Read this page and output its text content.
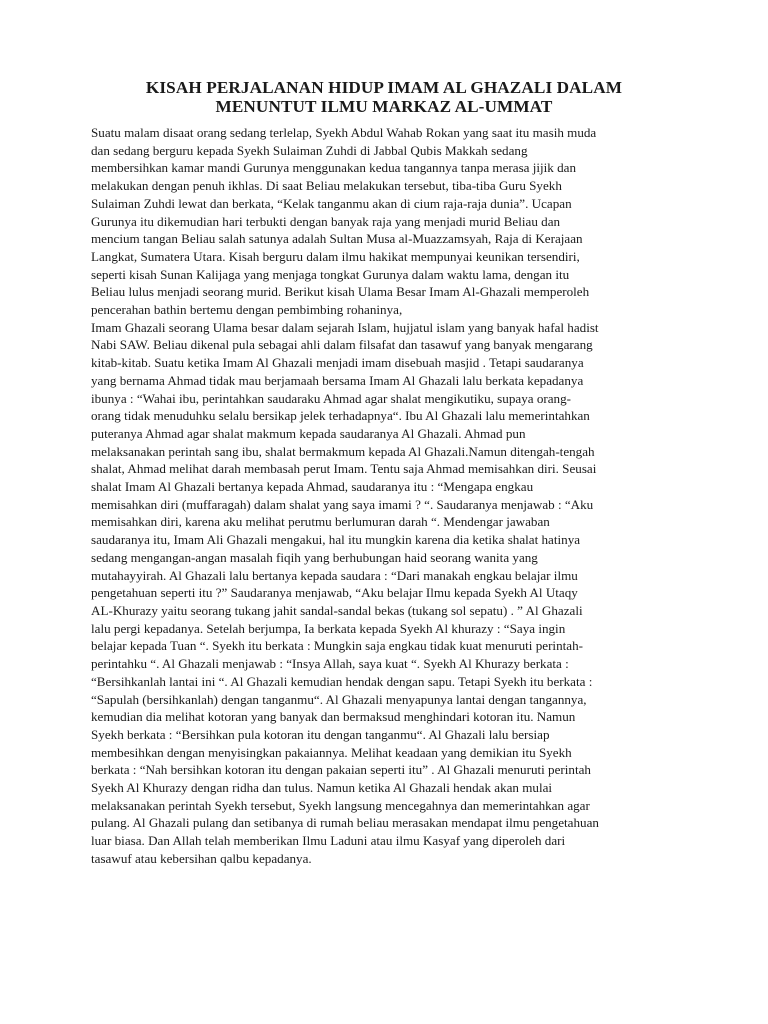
KISAH PERJALANAN HIDUP IMAM AL GHAZALI DALAM
MENUNTUT ILMU MARKAZ AL-UMMAT
Suatu malam disaat orang sedang terlelap, Syekh Abdul Wahab Rokan yang saat itu masih muda
dan sedang berguru kepada Syekh Sulaiman Zuhdi di Jabbal Qubis Makkah sedang
membersihkan kamar mandi Gurunya menggunakan kedua tangannya tanpa merasa jijik dan
melakukan dengan penuh ikhlas. Di saat Beliau melakukan tersebut, tiba-tiba Guru Syekh
Sulaiman Zuhdi lewat dan berkata, “Kelak tanganmu akan di cium raja-raja dunia”. Ucapan
Gurunya itu dikemudian hari terbukti dengan banyak raja yang menjadi murid Beliau dan
mencium tangan Beliau salah satunya adalah Sultan Musa al-Muazzamsyah, Raja di Kerajaan
Langkat, Sumatera Utara. Kisah berguru dalam ilmu hakikat mempunyai keunikan tersendiri,
seperti kisah Sunan Kalijaga yang menjaga tongkat Gurunya dalam waktu lama, dengan itu
Beliau lulus menjadi seorang murid. Berikut kisah Ulama Besar Imam Al-Ghazali memperoleh
pencerahan bathin bertemu dengan pembimbing rohaninya,
Imam Ghazali seorang Ulama besar dalam sejarah Islam, hujjatul islam yang banyak hafal hadist
Nabi SAW. Beliau dikenal pula sebagai ahli dalam filsafat dan tasawuf yang banyak mengarang
kitab-kitab. Suatu ketika Imam Al Ghazali menjadi imam disebuah masjid . Tetapi saudaranya
yang bernama Ahmad tidak mau berjamaah bersama Imam Al Ghazali lalu berkata kepadanya
ibunya : “Wahai ibu, perintahkan saudaraku Ahmad agar shalat mengikutiku, supaya orang-
orang tidak menuduhku selalu bersikap jelek terhadapnya“. Ibu Al Ghazali lalu memerintahkan
puteranya Ahmad agar shalat makmum kepada saudaranya Al Ghazali. Ahmad pun
melaksanakan perintah sang ibu, shalat bermakmum kepada Al Ghazali.Namun ditengah-tengah
shalat, Ahmad melihat darah membasah perut Imam. Tentu saja Ahmad memisahkan diri. Seusai
shalat Imam Al Ghazali bertanya kepada Ahmad, saudaranya itu : “Mengapa engkau
memisahkan diri (muffaragah) dalam shalat yang saya imami ? “. Saudaranya menjawab : “Aku
memisahkan diri, karena aku melihat perutmu berlumuran darah “. Mendengar jawaban
saudaranya itu, Imam Ali Ghazali mengakui, hal itu mungkin karena dia ketika shalat hatinya
sedang mengangan-angan masalah fiqih yang berhubungan haid seorang wanita yang
mutahayyirah. Al Ghazali lalu bertanya kepada saudara : “Dari manakah engkau belajar ilmu
pengetahuan seperti itu ?” Saudaranya menjawab, “Aku belajar Ilmu kepada Syekh Al Utaqy
AL-Khurazy yaitu seorang tukang jahit sandal-sandal bekas (tukang sol sepatu) . ” Al Ghazali
lalu pergi kepadanya. Setelah berjumpa, Ia berkata kepada Syekh Al khurazy : “Saya ingin
belajar kepada Tuan “. Syekh itu berkata : Mungkin saja engkau tidak kuat menuruti perintah-
perintahku “. Al Ghazali menjawab : “Insya Allah, saya kuat “. Syekh Al Khurazy berkata :
“Bersihkanlah lantai ini “. Al Ghazali kemudian hendak dengan sapu. Tetapi Syekh itu berkata :
“Sapulah (bersihkanlah) dengan tanganmu“. Al Ghazali menyapunya lantai dengan tangannya,
kemudian dia melihat kotoran yang banyak dan bermaksud menghindari kotoran itu. Namun
Syekh berkata : “Bersihkan pula kotoran itu dengan tanganmu“. Al Ghazali lalu bersiap
membesihkan dengan menyisingkan pakaiannya. Melihat keadaan yang demikian itu Syekh
berkata : “Nah bersihkan kotoran itu dengan pakaian seperti itu” . Al Ghazali menuruti perintah
Syekh Al Khurazy dengan ridha dan tulus. Namun ketika Al Ghazali hendak akan mulai
melaksanakan perintah Syekh tersebut, Syekh langsung mencegahnya dan memerintahkan agar
pulang. Al Ghazali pulang dan setibanya di rumah beliau merasakan mendapat ilmu pengetahuan
luar biasa. Dan Allah telah memberikan Ilmu Laduni atau ilmu Kasyaf yang diperoleh dari
tasawuf atau kebersihan qalbu kepadanya.
